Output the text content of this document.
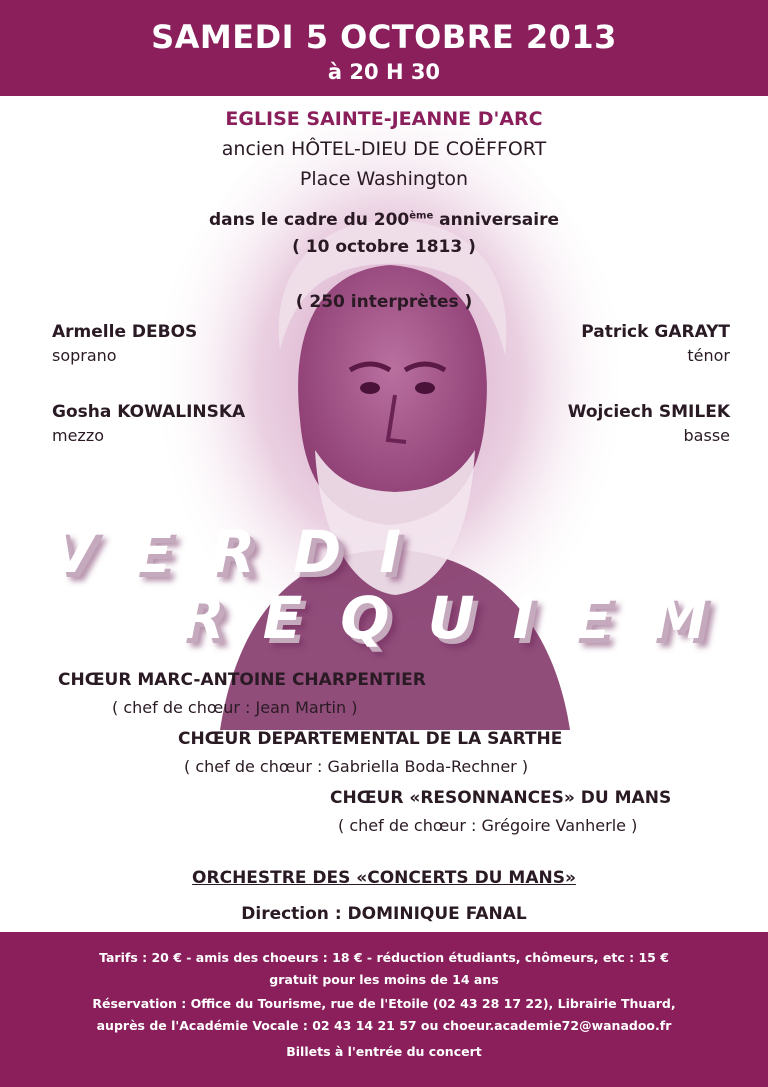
SAMEDI 5 OCTOBRE 2013
à 20 H 30
EGLISE SAINTE-JEANNE D'ARC
ancien HÔTEL-DIEU DE COËFFORT
Place Washington
dans le cadre du 200ème anniversaire
( 10 octobre 1813 )
( 250 interprètes )
Armelle DEBOS
soprano
Patrick GARAYT
ténor
Gosha KOWALINSKA
mezzo
Wojciech SMILEK
basse
VERDI
REQUIEM
CHŒUR MARC-ANTOINE CHARPENTIER
( chef de chœur : Jean Martin )
CHŒUR DEPARTEMENTAL DE LA SARTHE
( chef de chœur : Gabriella Boda-Rechner )
CHŒUR «RESONNANCES» DU MANS
( chef de chœur : Grégoire Vanherle )
ORCHESTRE DES «CONCERTS DU MANS»
Direction : DOMINIQUE FANAL
Tarifs : 20 € - amis des choeurs : 18 € - réduction étudiants, chômeurs, etc : 15 €
gratuit pour les moins de 14 ans
Réservation : Office du Tourisme, rue de l'Etoile (02 43 28 17 22), Librairie Thuard,
auprès de l'Académie Vocale : 02 43 14 21 57 ou choeur.academie72@wanadoo.fr
Billets à l'entrée du concert
